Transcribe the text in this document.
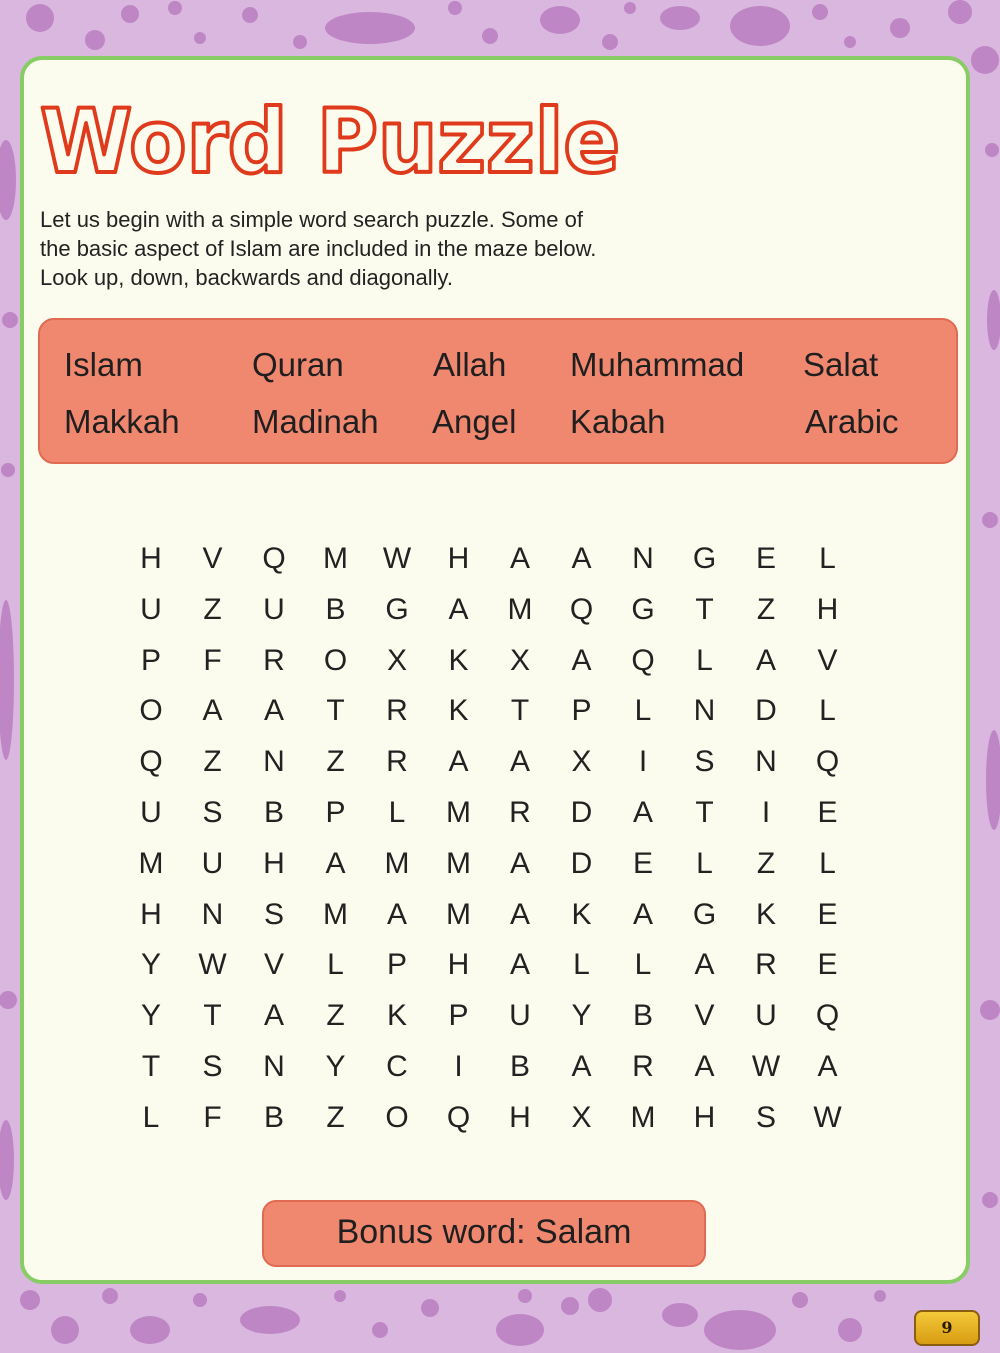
Word Puzzle
Let us begin with a simple word search puzzle. Some of
the basic aspect of Islam are included in the maze below.
Look up, down, backwards and diagonally.
Islam	Quran	Allah Muhammad Salat
Makkah Madinah Angel Kabah	Arabic
H	V	Q	M	W	H	A	A	N	G	E	L
U	Z	U	B	G	A	M	Q	G	T	Z	H
P	F	R	O	X	K	X	A	Q	L	A	V
O	A	A	T	R	K	T	P	L	N	D	L
Q	Z	N	Z	R	A	A	X	I	S	N	Q
U	S	B	P	L	M	R	D	A	T	I	E
M	U	H	A	M	M	A	D	E	L	Z	L
H	N	S	M	A	M	A	K	A	G	K	E
Y	W	V	L	P	H	A	L	L	A	R	E
Y	T	A	Z	K	P	U	Y	B	V	U	Q
T	S	N	Y	C	I	B	A	R	A	W	A
L	F	B	Z	O	Q	H	X	M	H	S	W
Bonus word: Salam
9
